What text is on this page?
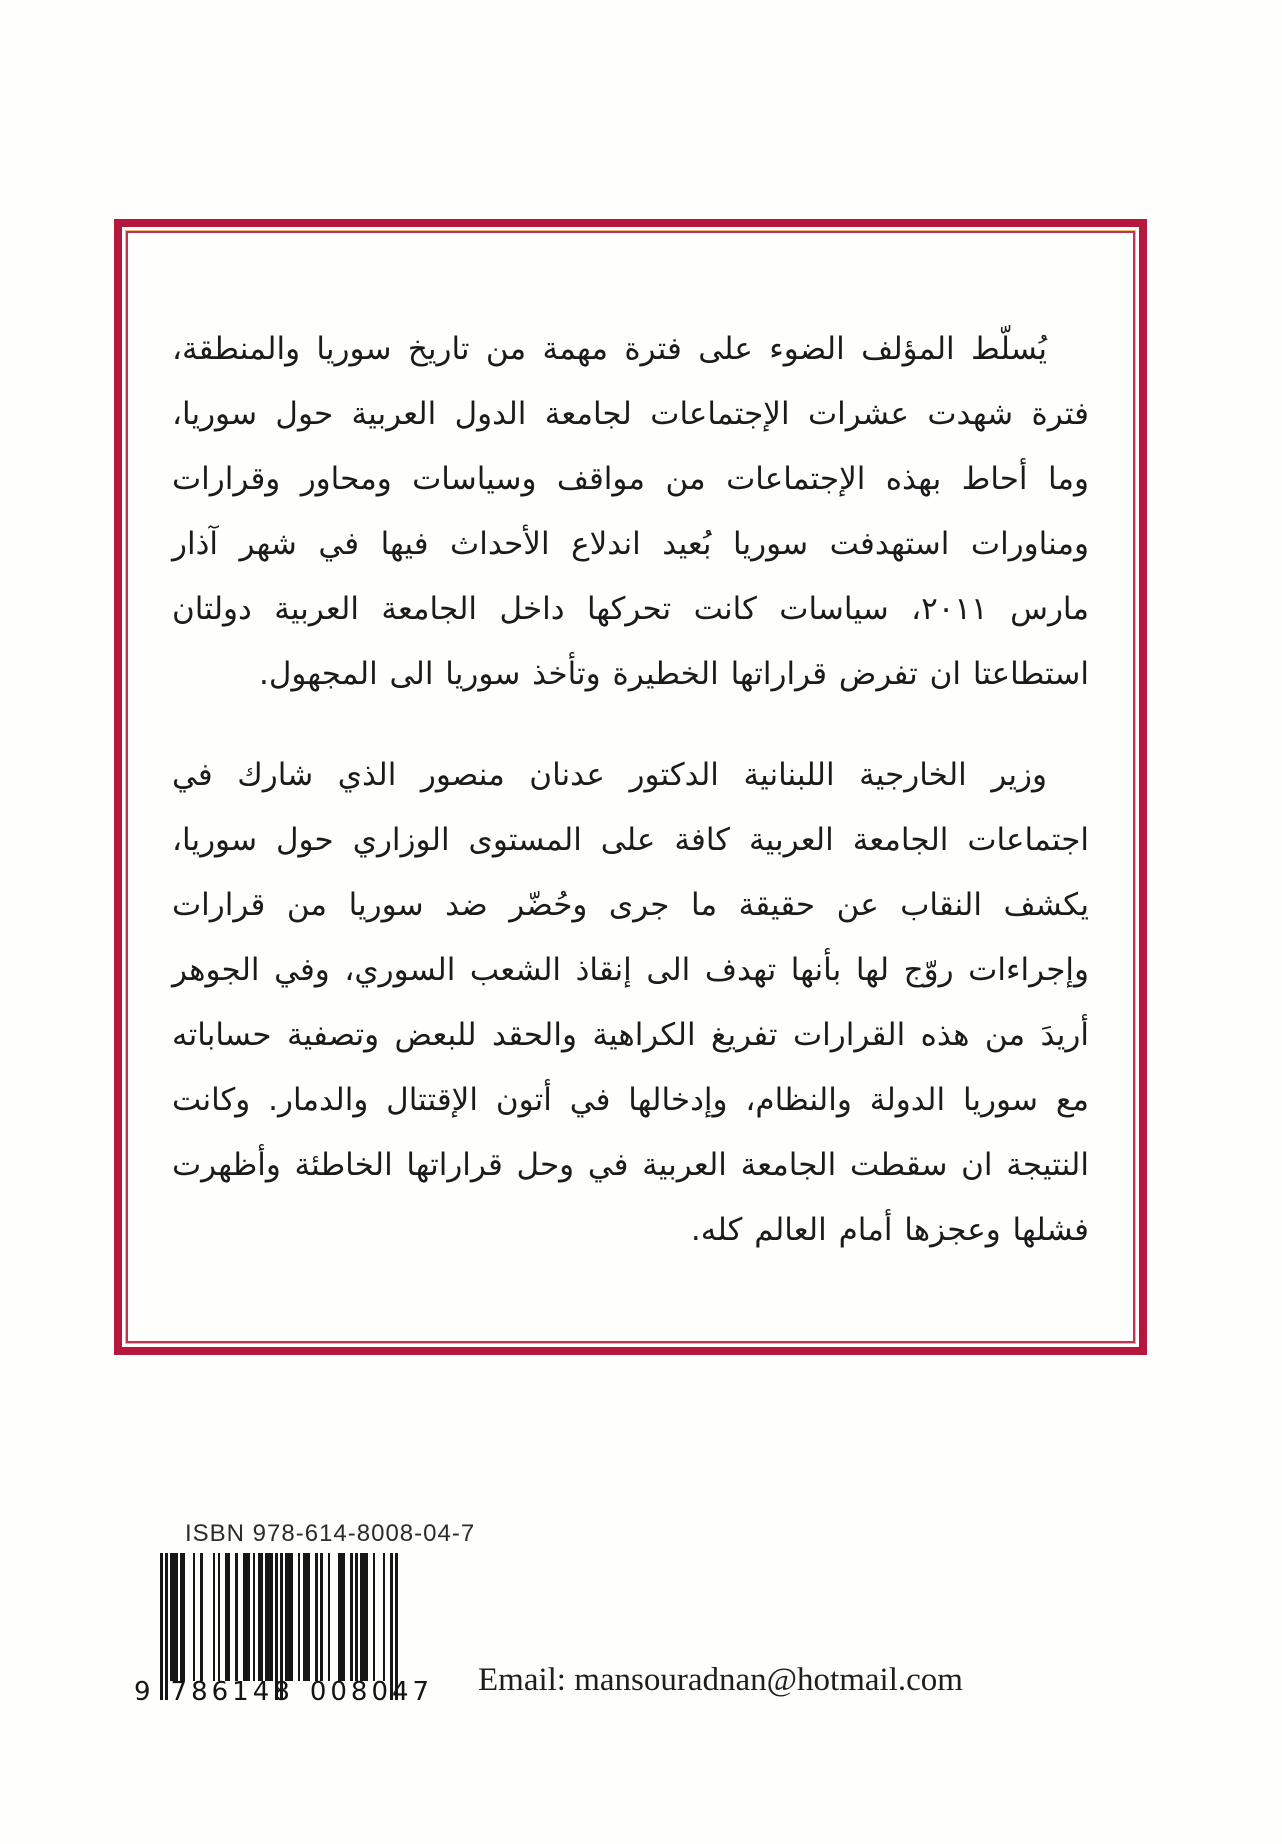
يُسلّط المؤلف الضوء على فترة مهمة من تاريخ سوريا والمنطقة، فترة شهدت عشرات الإجتماعات لجامعة الدول العربية حول سوريا، وما أحاط بهذه الإجتماعات من مواقف وسياسات ومحاور وقرارات ومناورات استهدفت سوريا بُعيد اندلاع الأحداث فيها في شهر آذار مارس ٢٠١١، سياسات كانت تحركها داخل الجامعة العربية دولتان استطاعتا ان تفرض قراراتها الخطيرة وتأخذ سوريا الى المجهول.

وزير الخارجية اللبنانية الدكتور عدنان منصور الذي شارك في اجتماعات الجامعة العربية كافة على المستوى الوزاري حول سوريا، يكشف النقاب عن حقيقة ما جرى وحُضّر ضد سوريا من قرارات وإجراءات روّج لها بأنها تهدف الى إنقاذ الشعب السوري، وفي الجوهر أريدَ من هذه القرارات تفريغ الكراهية والحقد للبعض وتصفية حساباته مع سوريا الدولة والنظام، وإدخالها في أتون الإقتتال والدمار. وكانت النتيجة ان سقطت الجامعة العربية في وحل قراراتها الخاطئة وأظهرت فشلها وعجزها أمام العالم كله.

ISBN 978-614-8008-04-7
9 786148 008047 Email: mansouradnan@hotmail.com
